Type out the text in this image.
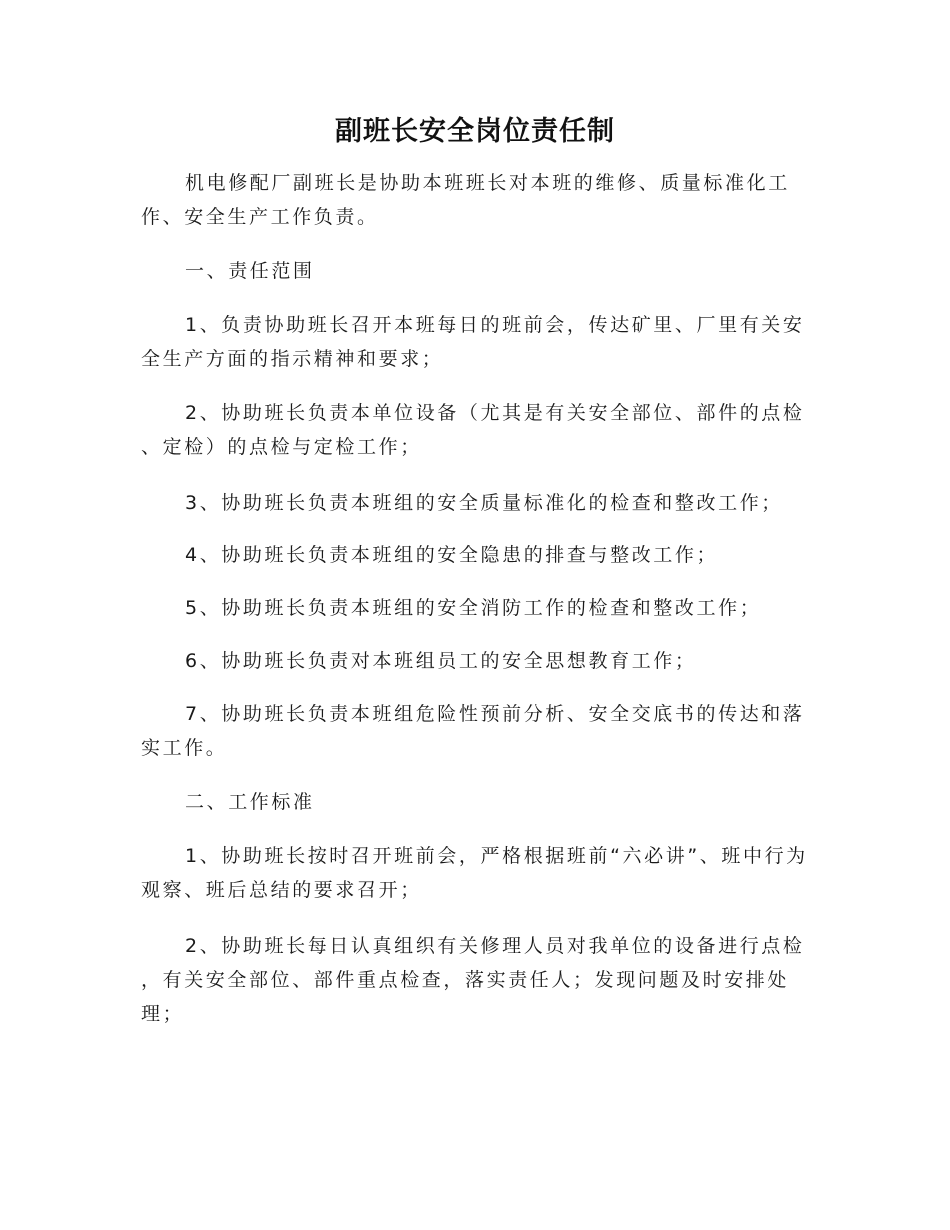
副班长安全岗位责任制

机电修配厂副班长是协助本班班长对本班的维修、质量标准化工作、安全生产工作负责。

一、责任范围

1、负责协助班长召开本班每日的班前会，传达矿里、厂里有关安全生产方面的指示精神和要求；

2、协助班长负责本单位设备（尤其是有关安全部位、部件的点检、定检）的点检与定检工作；

3、协助班长负责本班组的安全质量标准化的检查和整改工作；

4、协助班长负责本班组的安全隐患的排查与整改工作；

5、协助班长负责本班组的安全消防工作的检查和整改工作；

6、协助班长负责对本班组员工的安全思想教育工作；

7、协助班长负责本班组危险性预前分析、安全交底书的传达和落实工作。

二、工作标准

1、协助班长按时召开班前会，严格根据班前“六必讲”、班中行为观察、班后总结的要求召开；

2、协助班长每日认真组织有关修理人员对我单位的设备进行点检，有关安全部位、部件重点检查，落实责任人；发现问题及时安排处理；
